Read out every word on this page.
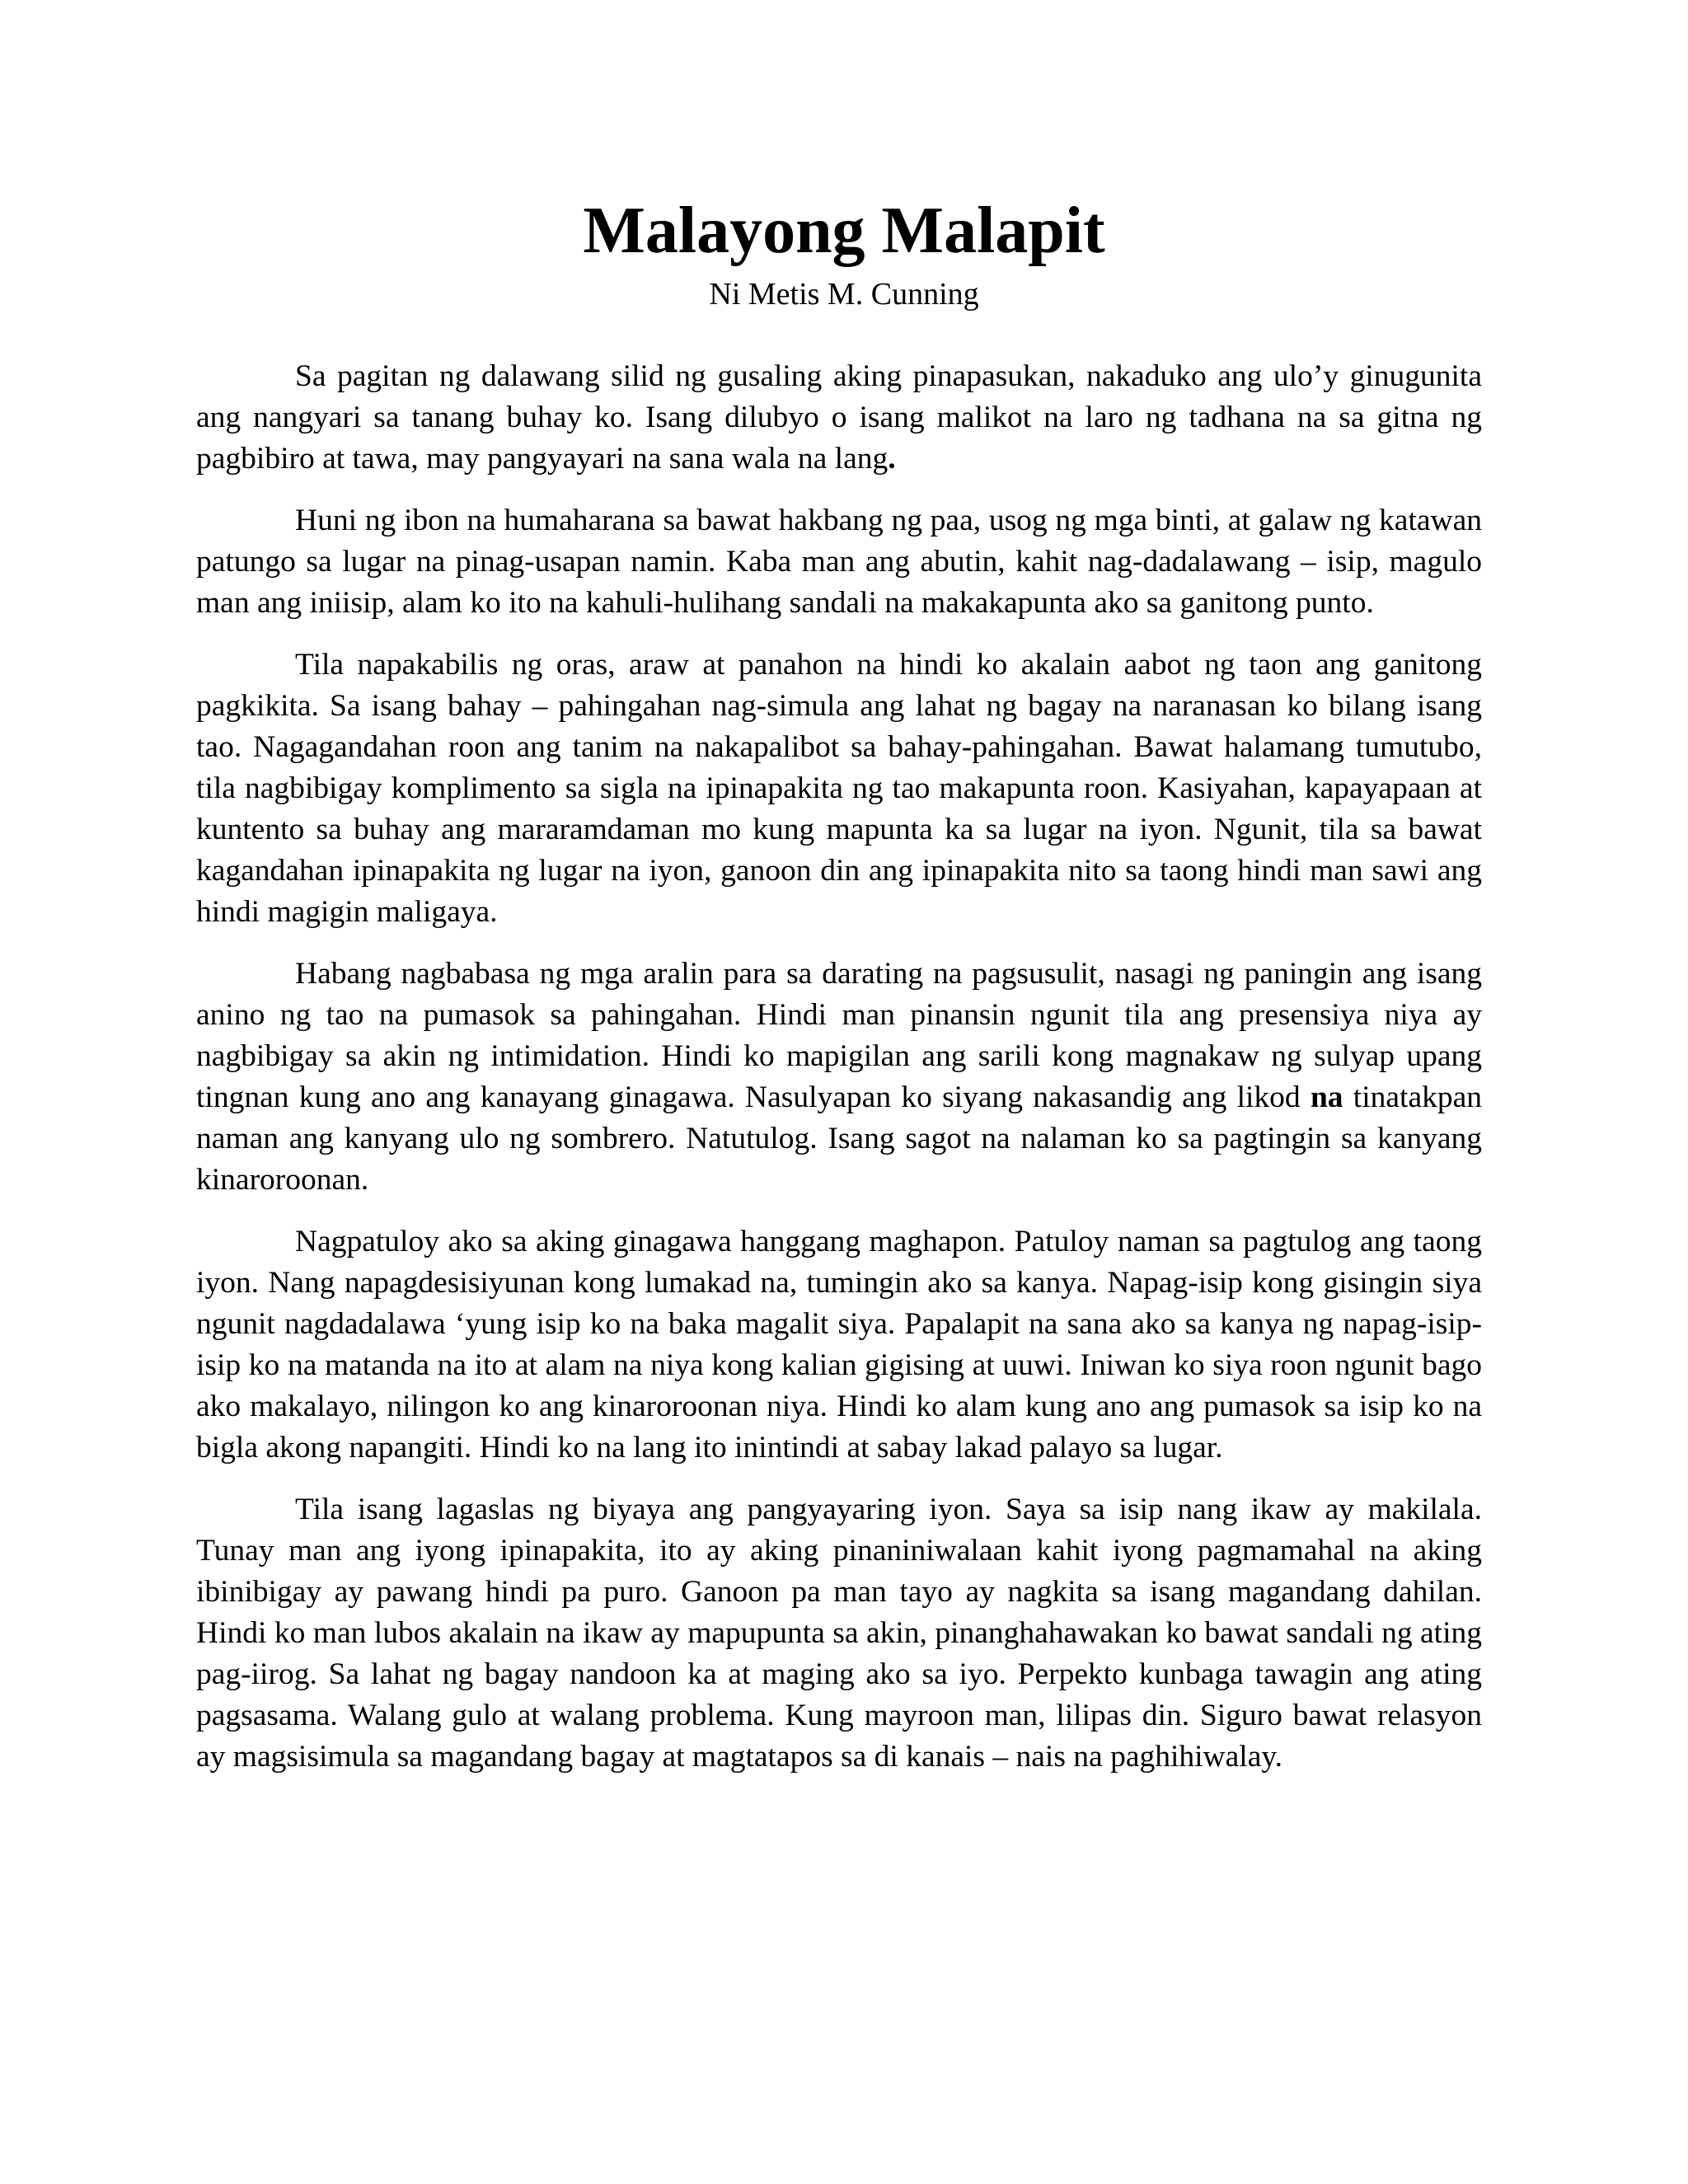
Malayong Malapit
Ni Metis M. Cunning

Sa pagitan ng dalawang silid ng gusaling aking pinapasukan, nakaduko ang ulo’y ginugunita ang nangyari sa tanang buhay ko. Isang dilubyo o isang malikot na laro ng tadhana na sa gitna ng pagbibiro at tawa, may pangyayari na sana wala na lang.

Huni ng ibon na humaharana sa bawat hakbang ng paa, usog ng mga binti, at galaw ng katawan patungo sa lugar na pinag-usapan namin. Kaba man ang abutin, kahit nag-dadalawang – isip, magulo man ang iniisip, alam ko ito na kahuli-hulihang sandali na makakapunta ako sa ganitong punto.

Tila napakabilis ng oras, araw at panahon na hindi ko akalain aabot ng taon ang ganitong pagkikita. Sa isang bahay – pahingahan nag-simula ang lahat ng bagay na naranasan ko bilang isang tao. Nagagandahan roon ang tanim na nakapalibot sa bahay-pahingahan. Bawat halamang tumutubo, tila nagbibigay komplimento sa sigla na ipinapakita ng tao makapunta roon. Kasiyahan, kapayapaan at kuntento sa buhay ang mararamdaman mo kung mapunta ka sa lugar na iyon. Ngunit, tila sa bawat kagandahan ipinapakita ng lugar na iyon, ganoon din ang ipinapakita nito sa taong hindi man sawi ang hindi magigin maligaya.

Habang nagbabasa ng mga aralin para sa darating na pagsusulit, nasagi ng paningin ang isang anino ng tao na pumasok sa pahingahan. Hindi man pinansin ngunit tila ang presensiya niya ay nagbibigay sa akin ng intimidation. Hindi ko mapigilan ang sarili kong magnakaw ng sulyap upang tingnan kung ano ang kanayang ginagawa. Nasulyapan ko siyang nakasandig ang likod na tinatakpan naman ang kanyang ulo ng sombrero. Natutulog. Isang sagot na nalaman ko sa pagtingin sa kanyang kinaroroonan.

Nagpatuloy ako sa aking ginagawa hanggang maghapon. Patuloy naman sa pagtulog ang taong iyon. Nang napagdesisiyunan kong lumakad na, tumingin ako sa kanya. Napag-isip kong gisingin siya ngunit nagdadalawa ‘yung isip ko na baka magalit siya. Papalapit na sana ako sa kanya ng napag-isip-isip ko na matanda na ito at alam na niya kong kalian gigising at uuwi. Iniwan ko siya roon ngunit bago ako makalayo, nilingon ko ang kinaroroonan niya. Hindi ko alam kung ano ang pumasok sa isip ko na bigla akong napangiti. Hindi ko na lang ito inintindi at sabay lakad palayo sa lugar.

Tila isang lagaslas ng biyaya ang pangyayaring iyon. Saya sa isip nang ikaw ay makilala. Tunay man ang iyong ipinapakita, ito ay aking pinaniniwalaan kahit iyong pagmamahal na aking ibinibigay ay pawang hindi pa puro. Ganoon pa man tayo ay nagkita sa isang magandang dahilan. Hindi ko man lubos akalain na ikaw ay mapupunta sa akin, pinanghahawakan ko bawat sandali ng ating pag-iirog. Sa lahat ng bagay nandoon ka at maging ako sa iyo. Perpekto kunbaga tawagin ang ating pagsasama. Walang gulo at walang problema. Kung mayroon man, lilipas din. Siguro bawat relasyon ay magsisimula sa magandang bagay at magtatapos sa di kanais – nais na paghihiwalay.
